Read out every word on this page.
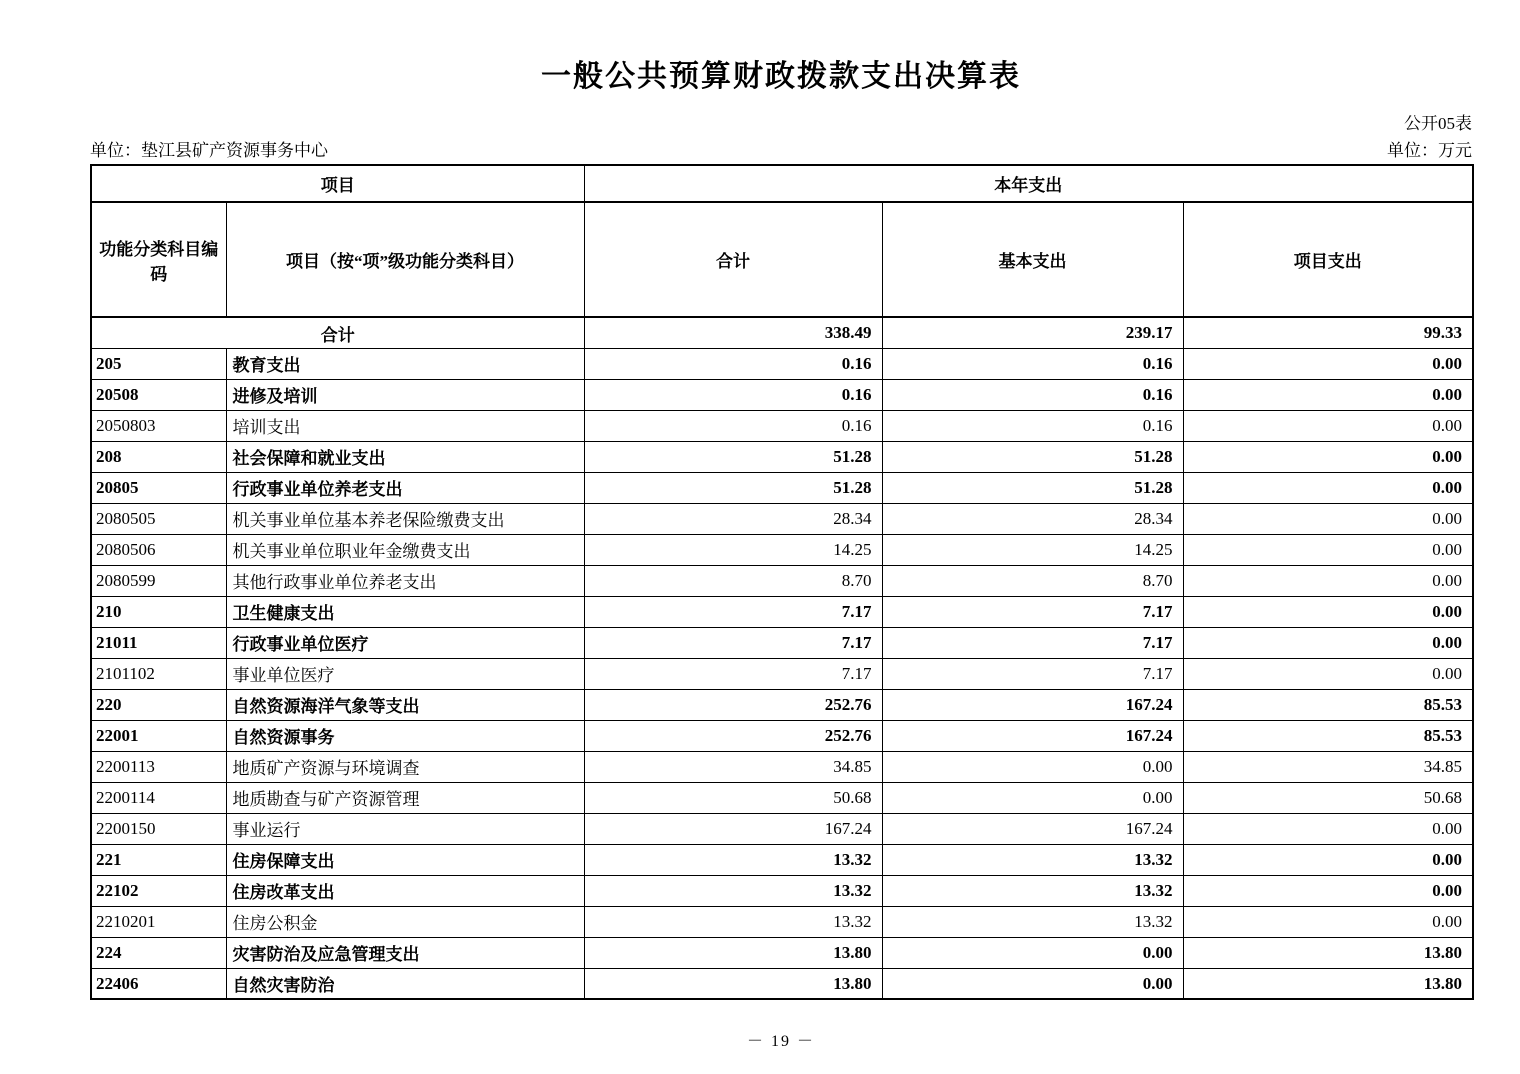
一般公共预算财政拨款支出决算表
公开05表
单位：垫江县矿产资源事务中心	单位：万元
项目		本年支出		
功能分类科目编码	项目（按“项”级功能分类科目）	合计	基本支出	项目支出
合计		338.49	239.17	99.33
205	教育支出	0.16	0.16	0.00
20508	进修及培训	0.16	0.16	0.00
2050803	培训支出	0.16	0.16	0.00
208	社会保障和就业支出	51.28	51.28	0.00
20805	行政事业单位养老支出	51.28	51.28	0.00
2080505	机关事业单位基本养老保险缴费支出	28.34	28.34	0.00
2080506	机关事业单位职业年金缴费支出	14.25	14.25	0.00
2080599	其他行政事业单位养老支出	8.70	8.70	0.00
210	卫生健康支出	7.17	7.17	0.00
21011	行政事业单位医疗	7.17	7.17	0.00
2101102	事业单位医疗	7.17	7.17	0.00
220	自然资源海洋气象等支出	252.76	167.24	85.53
22001	自然资源事务	252.76	167.24	85.53
2200113	地质矿产资源与环境调查	34.85	0.00	34.85
2200114	地质勘查与矿产资源管理	50.68	0.00	50.68
2200150	事业运行	167.24	167.24	0.00
221	住房保障支出	13.32	13.32	0.00
22102	住房改革支出	13.32	13.32	0.00
2210201	住房公积金	13.32	13.32	0.00
224	灾害防治及应急管理支出	13.80	0.00	13.80
22406	自然灾害防治	13.80	0.00	13.80
－ 19 －
